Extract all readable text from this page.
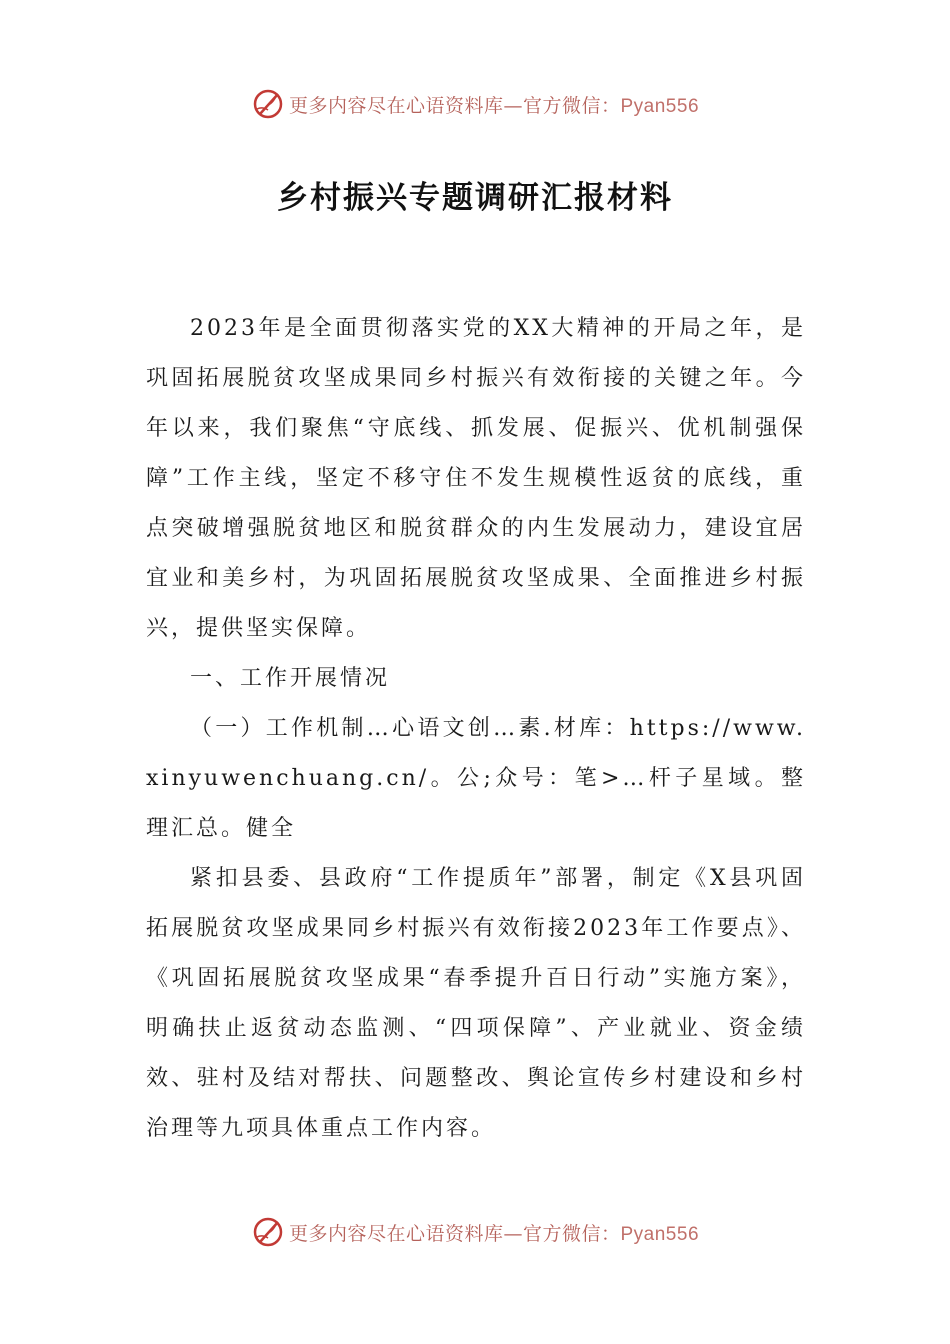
更多内容尽在心语资料库—官方微信：Pyan556
乡村振兴专题调研汇报材料

2023年是全面贯彻落实党的XX大精神的开局之年，是巩固拓展脱贫攻坚成果同乡村振兴有效衔接的关键之年。今年以来，我们聚焦“守底线、抓发展、促振兴、优机制强保障”工作主线，坚定不移守住不发生规模性返贫的底线，重点突破增强脱贫地区和脱贫群众的内生发展动力，建设宜居宜业和美乡村，为巩固拓展脱贫攻坚成果、全面推进乡村振兴，提供坚实保障。

一、工作开展情况

（一）工作机制…心语文创…素.材库：https://www.xinyuwenchuang.cn/。公;众号：笔>…杆子星域。整理汇总。健全

紧扣县委、县政府“工作提质年”部署，制定《X县巩固拓展脱贫攻坚成果同乡村振兴有效衔接2023年工作要点》、《巩固拓展脱贫攻坚成果“春季提升百日行动”实施方案》，明确扶止返贫动态监测、“四项保障”、产业就业、资金绩效、驻村及结对帮扶、问题整改、舆论宣传乡村建设和乡村治理等九项具体重点工作内容。

更多内容尽在心语资料库—官方微信：Pyan556
